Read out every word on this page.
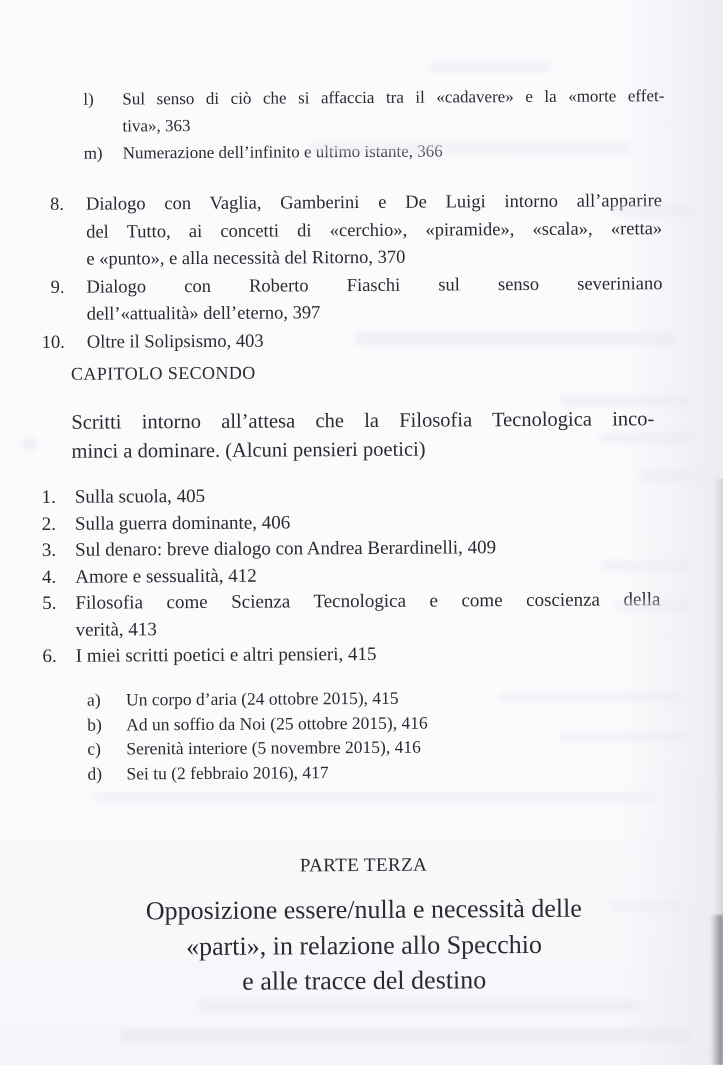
l)	Sul senso di ciò che si affaccia tra il «cadavere» e la «morte effet-
tiva», 363
m)	Numerazione dell’infinito e ultimo istante, 366
8. Dialogo con Vaglia, Gamberini e De Luigi intorno all’apparire
del Tutto, ai concetti di «cerchio», «piramide», «scala», «retta»
e «punto», e alla necessità del Ritorno, 370
9. Dialogo con Roberto Fiaschi sul senso severiniano
dell’«attualità» dell’eterno, 397
10. Oltre il Solipsismo, 403
CAPITOLO SECONDO
Scritti intorno all’attesa che la Filosofia Tecnologica inco-
minci a dominare. (Alcuni pensieri poetici)
1. Sulla scuola, 405
2. Sulla guerra dominante, 406
3. Sul denaro: breve dialogo con Andrea Berardinelli, 409
4. Amore e sessualità, 412
5. Filosofia come Scienza Tecnologica e come coscienza della
verità, 413
6. I miei scritti poetici e altri pensieri, 415
a)	Un corpo d’aria (24 ottobre 2015), 415
b)	Ad un soffio da Noi (25 ottobre 2015), 416
c)	Serenità interiore (5 novembre 2015), 416
d)	Sei tu (2 febbraio 2016), 417
PARTE TERZA
Opposizione essere/nulla e necessità delle
«parti», in relazione allo Specchio
e alle tracce del destino
